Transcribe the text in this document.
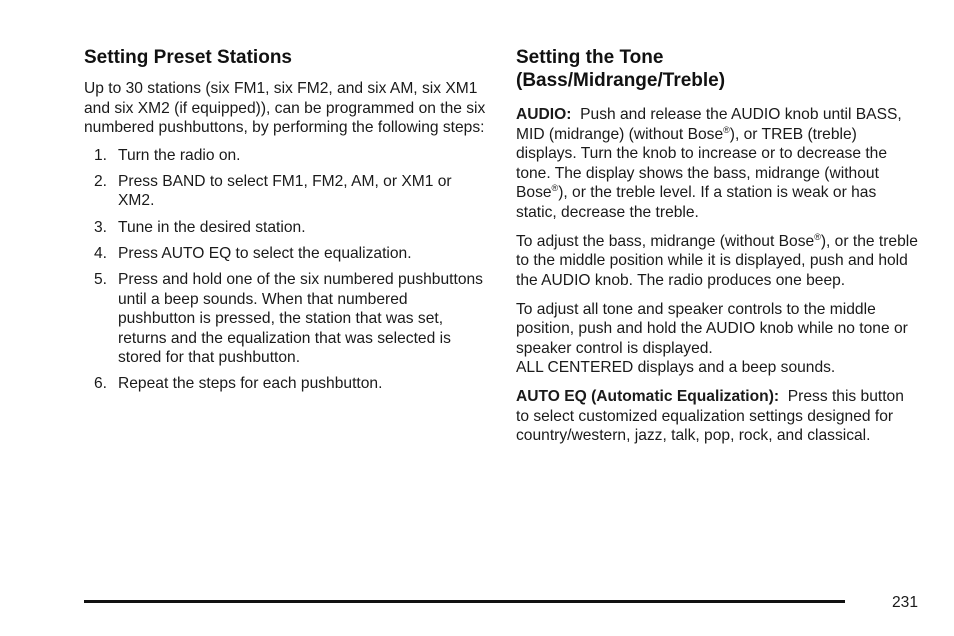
Setting Preset Stations

Up to 30 stations (six FM1, six FM2, and six AM, six XM1 and six XM2 (if equipped)), can be programmed on the six numbered pushbuttons, by performing the following steps:

1. Turn the radio on.
2. Press BAND to select FM1, FM2, AM, or XM1 or XM2.
3. Tune in the desired station.
4. Press AUTO EQ to select the equalization.
5. Press and hold one of the six numbered pushbuttons until a beep sounds. When that numbered pushbutton is pressed, the station that was set, returns and the equalization that was selected is stored for that pushbutton.
6. Repeat the steps for each pushbutton.
Setting the Tone
(Bass/Midrange/Treble)

AUDIO: Push and release the AUDIO knob until BASS, MID (midrange) (without Bose®), or TREB (treble) displays. Turn the knob to increase or to decrease the tone. The display shows the bass, midrange (without Bose®), or the treble level. If a station is weak or has static, decrease the treble.

To adjust the bass, midrange (without Bose®), or the treble to the middle position while it is displayed, push and hold the AUDIO knob. The radio produces one beep.

To adjust all tone and speaker controls to the middle position, push and hold the AUDIO knob while no tone or speaker control is displayed.
ALL CENTERED displays and a beep sounds.

AUTO EQ (Automatic Equalization): Press this button to select customized equalization settings designed for country/western, jazz, talk, pop, rock, and classical.

231
